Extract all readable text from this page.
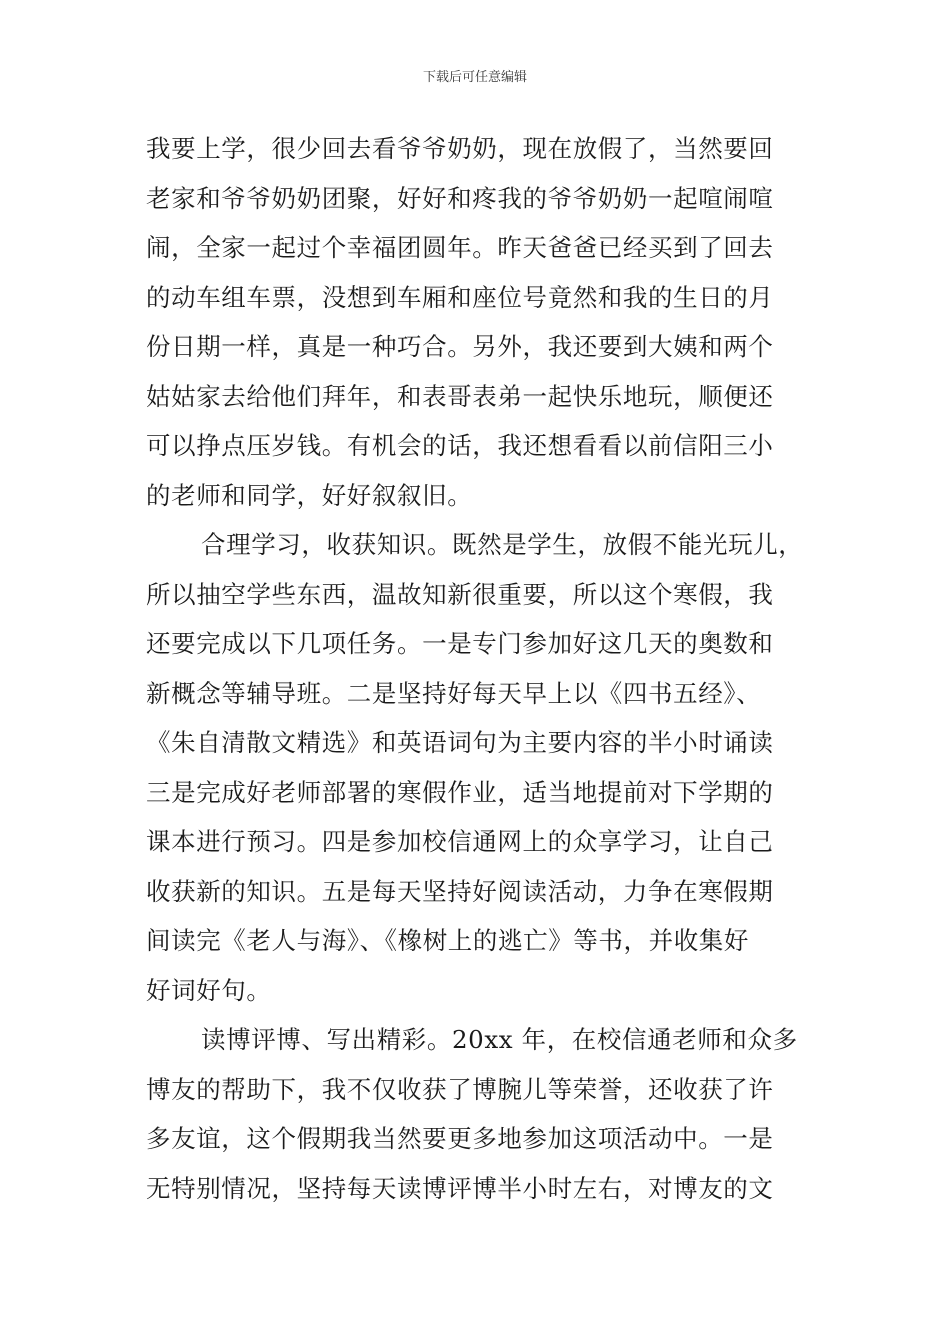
下载后可任意编辑
我要上学，很少回去看爷爷奶奶，现在放假了，当然要回
老家和爷爷奶奶团聚，好好和疼我的爷爷奶奶一起喧闹喧
闹，全家一起过个幸福团圆年。昨天爸爸已经买到了回去
的动车组车票，没想到车厢和座位号竟然和我的生日的月
份日期一样，真是一种巧合。另外，我还要到大姨和两个
姑姑家去给他们拜年，和表哥表弟一起快乐地玩，顺便还
可以挣点压岁钱。有机会的话，我还想看看以前信阳三小
的老师和同学，好好叙叙旧。
合理学习，收获知识。既然是学生，放假不能光玩儿，
所以抽空学些东西，温故知新很重要，所以这个寒假，我
还要完成以下几项任务。一是专门参加好这几天的奥数和
新概念等辅导班。二是坚持好每天早上以《四书五经》、
《朱自清散文精选》和英语词句为主要内容的半小时诵读
三是完成好老师部署的寒假作业，适当地提前对下学期的
课本进行预习。四是参加校信通网上的众享学习，让自己
收获新的知识。五是每天坚持好阅读活动，力争在寒假期
间读完《老人与海》、《橡树上的逃亡》等书，并收集好
好词好句。
读博评博、写出精彩。20xx 年，在校信通老师和众多
博友的帮助下，我不仅收获了博腕儿等荣誉，还收获了许
多友谊，这个假期我当然要更多地参加这项活动中。一是
无特别情况，坚持每天读博评博半小时左右，对博友的文
